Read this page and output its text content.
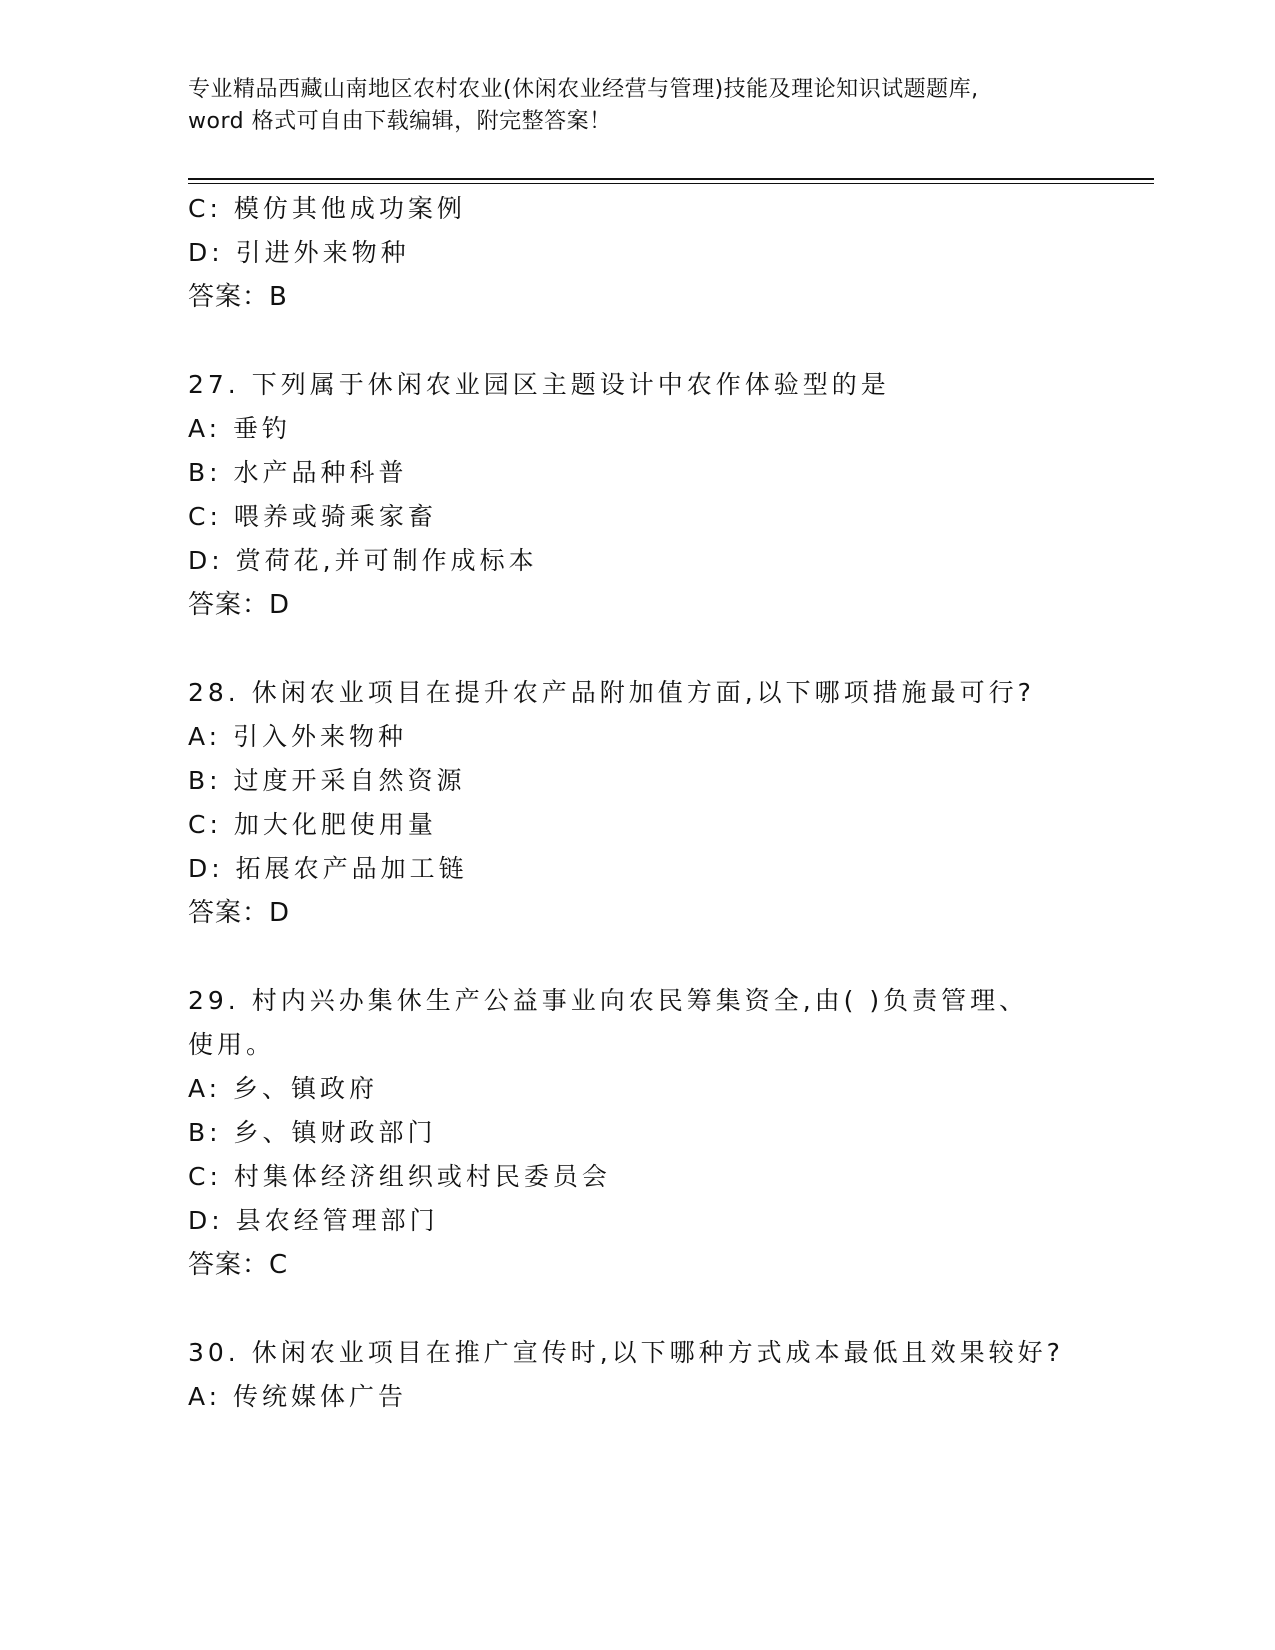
专业精品西藏山南地区农村农业(休闲农业经营与管理)技能及理论知识试题题库,
word 格式可自由下载编辑，附完整答案！
C: 模仿其他成功案例
D: 引进外来物种
答案：B
27. 下列属于休闲农业园区主题设计中农作体验型的是
A: 垂钓
B: 水产品种科普
C: 喂养或骑乘家畜
D: 赏荷花,并可制作成标本
答案：D
28. 休闲农业项目在提升农产品附加值方面,以下哪项措施最可行?
A: 引入外来物种
B: 过度开采自然资源
C: 加大化肥使用量
D: 拓展农产品加工链
答案：D
29. 村内兴办集休生产公益事业向农民筹集资全,由( )负责管理、
使用。
A: 乡、镇政府
B: 乡、镇财政部门
C: 村集体经济组织或村民委员会
D: 县农经管理部门
答案：C
30. 休闲农业项目在推广宣传时,以下哪种方式成本最低且效果较好?
A: 传统媒体广告
